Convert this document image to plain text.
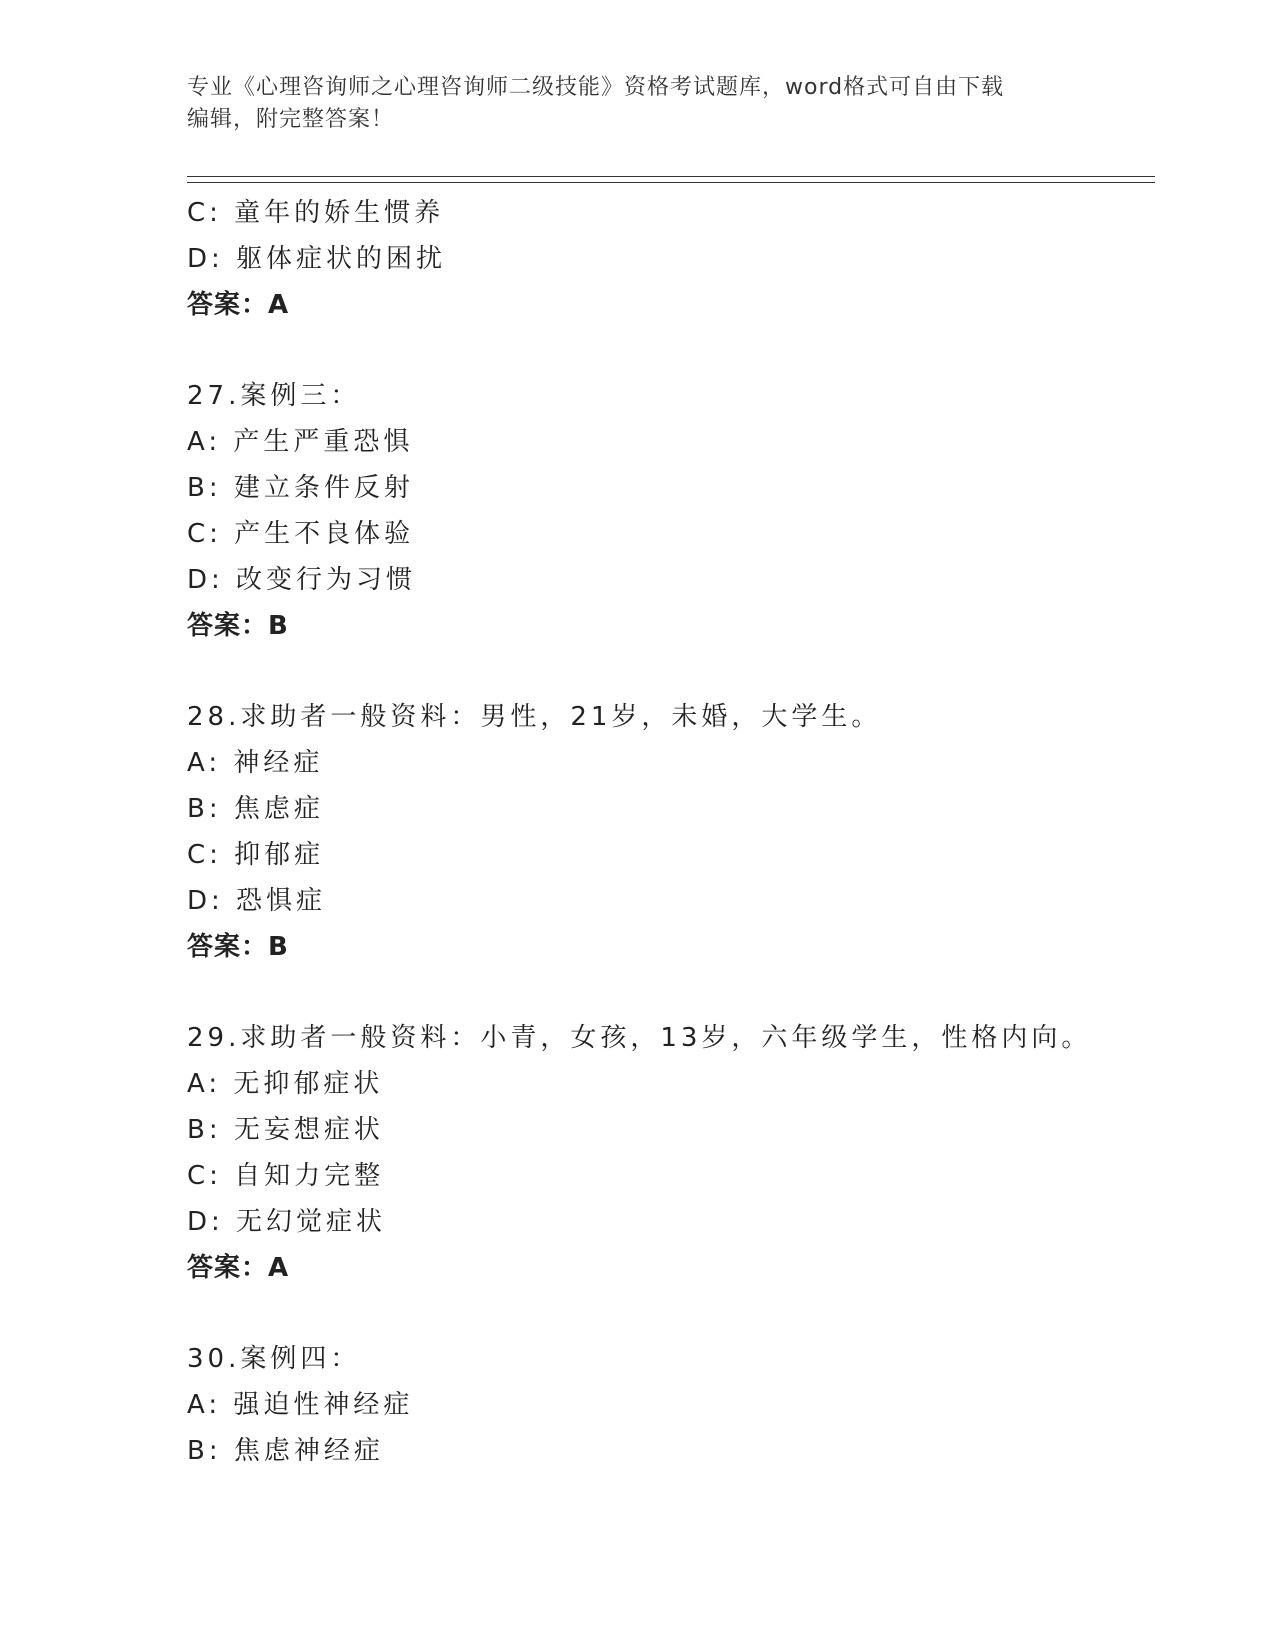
专业《心理咨询师之心理咨询师二级技能》资格考试题库，word格式可自由下载
编辑，附完整答案！
C: 童年的娇生惯养
D: 躯体症状的困扰
答案：A
27.案例三：
A: 产生严重恐惧
B: 建立条件反射
C: 产生不良体验
D: 改变行为习惯
答案：B
28.求助者一般资料：男性，21岁，未婚，大学生。
A: 神经症
B: 焦虑症
C: 抑郁症
D: 恐惧症
答案：B
29.求助者一般资料：小青，女孩，13岁，六年级学生，性格内向。
A: 无抑郁症状
B: 无妄想症状
C: 自知力完整
D: 无幻觉症状
答案：A
30.案例四：
A: 强迫性神经症
B: 焦虑神经症
